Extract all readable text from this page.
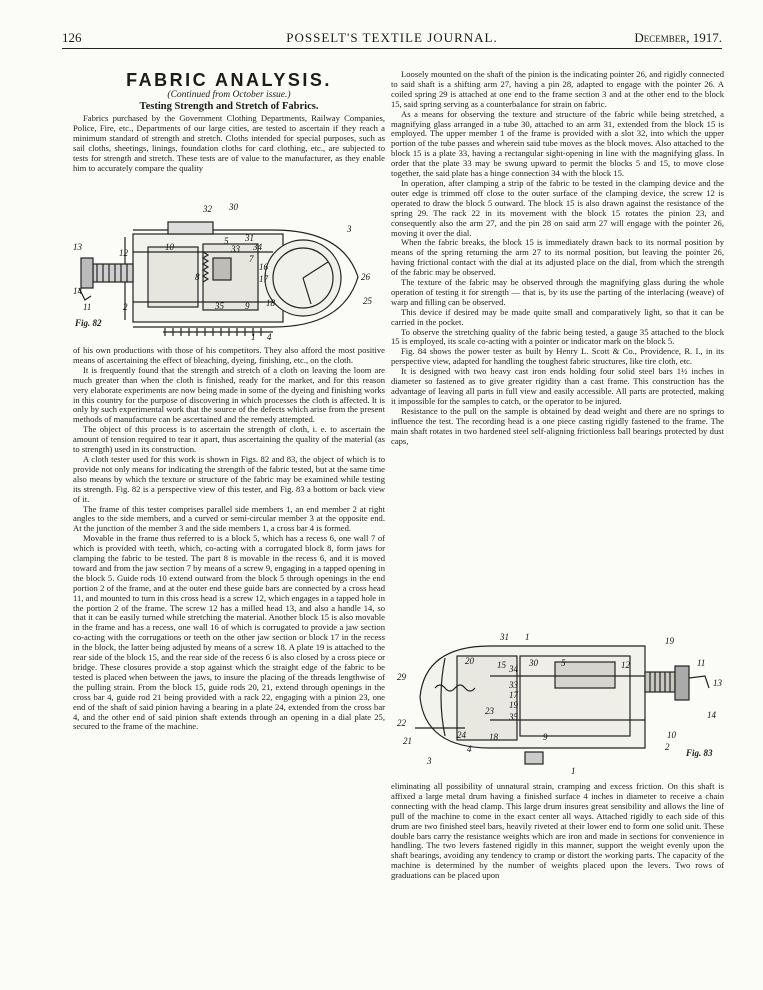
126	POSSELT'S TEXTILE JOURNAL.	December, 1917.
FABRIC ANALYSIS.
(Continued from October issue.)
Testing Strength and Stretch of Fabrics.

Fabrics purchased by the Government Clothing Departments, Railway Companies, Police, Fire, etc., Departments of our large cities, are tested to ascertain if they reach a minimum standard of strength and stretch. Cloths intended for special purposes, such as sail cloths, sheetings, linings, foundation cloths for card clothing, etc., are subjected to tests for strength and stretch. These tests are of value to the manufacturer, as they enable him to accurately compare the quality

32 30
5 31
34
33
3
13
12
10
7
16
8	17	26
14
11	2	35 9 18	25
1 4
Fig. 82

of his own productions with those of his competitors. They also afford the most positive means of ascertaining the effect of bleaching, dyeing, finishing, etc., on the cloth.

It is frequently found that the strength and stretch of a cloth on leaving the loom are much greater than when the cloth is finished, ready for the market, and for this reason very elaborate experiments are now being made in some of the dyeing and finishing works in this country for the purpose of discovering in which processes the cloth is affected. It is only by such experimental work that the source of the defects which arise from the present methods of manufacture can be ascertained and the remedy attempted.

The object of this process is to ascertain the strength of cloth, i. e. to ascertain the amount of tension required to tear it apart, thus ascertaining the quality of the material (as to strength) used in its construction.

A cloth tester used for this work is shown in Figs. 82 and 83, the object of which is to provide not only means for indicating the strength of the fabric tested, but at the same time also means by which the texture or structure of the fabric may be examined while testing its strength. Fig. 82 is a perspective view of this tester, and Fig. 83 a bottom or back view of it.

The frame of this tester comprises parallel side members 1, an end member 2 at right angles to the side members, and a curved or semi-circular member 3 at the opposite end. At the junction of the member 3 and the side members 1, a cross bar 4 is formed.

Movable in the frame thus referred to is a block 5, which has a recess 6, one wall 7 of which is provided with teeth, which, co-acting with a corrugated block 8, form jaws for clamping the fabric to be tested. The part 8 is movable in the recess 6, and it is moved toward and from the jaw section 7 by means of a screw 9, engaging in a tapped opening in the block 5. Guide rods 10 extend outward from the block 5 through openings in the end portion 2 of the frame, and at the outer end these guide bars are connected by a cross head 11, and mounted to turn in this cross head is a screw 12, which engages in a tapped hole in the portion 2 of the frame. The screw 12 has a milled head 13, and also a handle 14, so that it can be easily turned while stretching the material. Another block 15 is also movable in the frame and has a recess, one wall 16 of which is corrugated to provide a jaw section co-acting with the corrugations or teeth on the other jaw section or block 17 in the recess in the block, the latter being adjusted by means of a screw 18. A plate 19 is attached to the rear side of the block 15, and the rear side of the recess 6 is also closed by a cross piece or bridge. These closures provide a stop against which the straight edge of the fabric to be tested is placed when between the jaws, to insure the placing of the threads lengthwise of the pulling strain. From the block 15, guide rods 20, 21, extend through openings in the cross bar 4, guide rod 21 being provided with a rack 22, engaging with a pinion 23, one end of the shaft of said pinion having a bearing in a plate 24, extended from the cross bar 4, and the other end of said pinion shaft extends through an opening in a dial plate 25, secured to the frame of the machine.

Loosely mounted on the shaft of the pinion is the indicating pointer 26, and rigidly connected to said shaft is a shifting arm 27, having a pin 28, adapted to engage with the pointer 26. A coiled spring 29 is attached at one end to the frame section 3 and at the other end to the block 15, said spring serving as a counterbalance for strain on fabric.

As a means for observing the texture and structure of the fabric while being stretched, a magnifying glass arranged in a tube 30, attached to an arm 31, extended from the block 15 is employed. The upper member 1 of the frame is provided with a slot 32, into which the upper portion of the tube passes and wherein said tube moves as the block moves. Also attached to the block 15 is a plate 33, having a rectangular sight-opening in line with the magnifying glass. In order that the plate 33 may be swung upward to permit the blocks 5 and 15, to move close together, the said plate has a hinge connection 34 with the block 15.

In operation, after clamping a strip of the fabric to be tested in the clamping device and the outer edge is trimmed off close to the outer surface of the clamping device, the screw 12 is operated to draw the block 5 outward. The block 15 is also drawn against the resistance of the spring 29. The rack 22 in its movement with the block 15 rotates the pinion 23, and consequently also the arm 27, and the pin 28 on said arm 27 will engage with the pointer 26, moving it over the dial.

When the fabric breaks, the block 15 is immediately drawn back to its normal position by means of the spring returning the arm 27 to its normal position, but leaving the pointer 26, having frictional contact with the dial at its adjusted place on the dial, from which the strength of the fabric may be observed.

The texture of the fabric may be observed through the magnifying glass during the whole operation of testing it for strength — that is, by its use the parting of the interlacing (weave) of warp and filling can be observed.

This device if desired may be made quite small and comparatively light, so that it can be carried in the pocket.

To observe the stretching quality of the fabric being tested, a gauge 35 attached to the block 15 is employed, its scale co-acting with a pointer or indicator mark on the block 5.

Fig. 84 shows the power tester as built by Henry L. Scott & Co., Providence, R. I., in its perspective view, adapted for handling the toughest fabric structures, like tire cloth, etc.

It is designed with two heavy cast iron ends holding four solid steel bars 1½ inches in diameter so fastened as to give greater rigidity than a cast frame. This construction has the advantage of leaving all parts in full view and easily accessible. All parts are protected, making it impossible for the samples to catch, or the operator to be injured.

Resistance to the pull on the sample is obtained by dead weight and there are no springs to influence the test. The recording head is a one piece casting rigidly fastened to the frame. The main shaft rotates in two hardened steel self-aligning frictionless ball bearings protected by dust caps,

31 1	19
20	15 34
30	5	12	11
13
29
33
17
19
23
35	14
22
24	18	9	10
21
4	2
3
1
Fig. 83

eliminating all possibility of unnatural strain, cramping and excess friction. On this shaft is affixed a large metal drum having a finished surface 4 inches in diameter to receive a chain connecting with the head clamp. This large drum insures great sensibility and allows the line of pull of the machine to come in the exact center all ways. Attached rigidly to each side of this drum are two finished steel bars, heavily riveted at their lower end to form one solid unit. These double bars carry the resistance weights which are iron and made in sections for convenience in handling. The two levers fastened rigidly in this manner, support the weight evenly upon the shaft bearings, avoiding any tendency to cramp or distort the working parts. The capacity of the machine is determined by the number of weights placed upon the levers. Two rows of graduations can be placed upon
